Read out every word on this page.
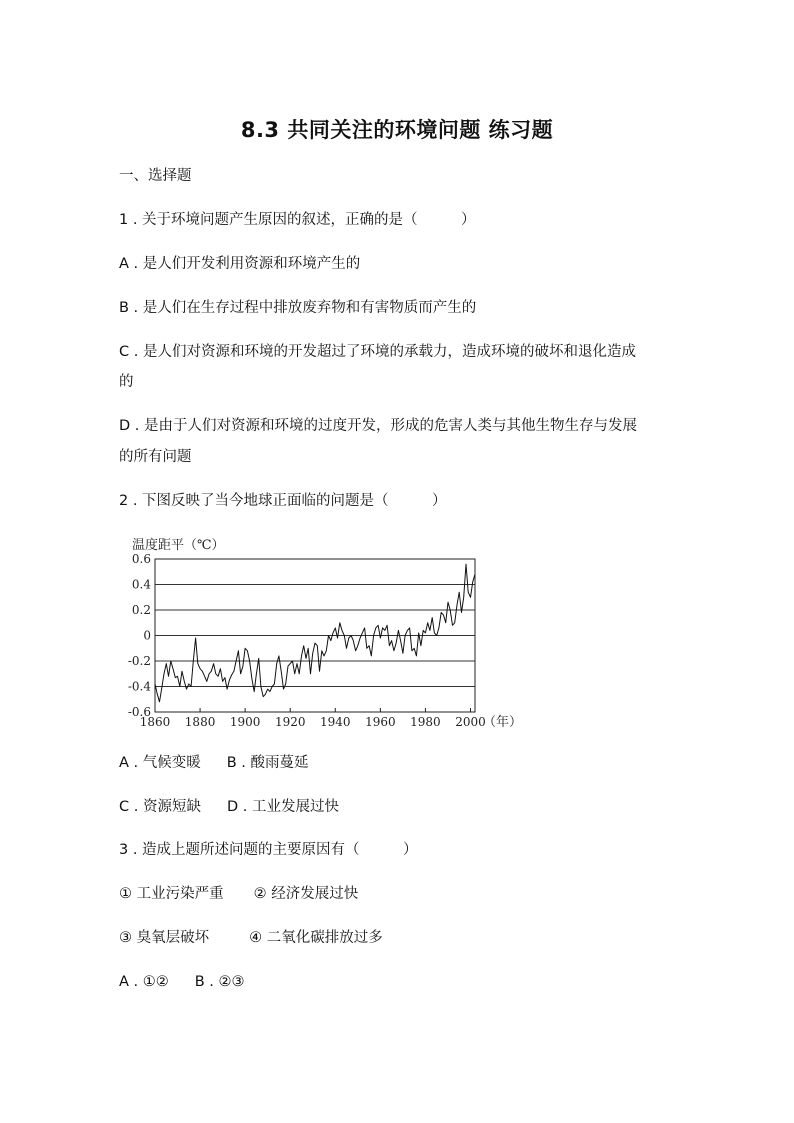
8.3 共同关注的环境问题 练习题
一、选择题
1 . 关于环境问题产生原因的叙述，正确的是（　　　）
A . 是人们开发利用资源和环境产生的
B . 是人们在生存过程中排放废弃物和有害物质而产生的
C . 是人们对资源和环境的开发超过了环境的承载力，造成环境的破坏和退化造成
的
D . 是由于人们对资源和环境的过度开发，形成的危害人类与其他生物生存与发展
的所有问题
2 . 下图反映了当今地球正面临的问题是（　　　）
温度距平（℃）
0.6
0.4
0.2
0
-0.2
-0.4
-0.6
1860 1880 1900 1920 1940 1960 1980 2000
（年）
A . 气候变暖 B . 酸雨蔓延
C . 资源短缺 D . 工业发展过快
3 . 造成上题所述问题的主要原因有（　　　）
① 工业污染严重 ② 经济发展过快
③ 臭氧层破坏	④ 二氧化碳排放过多
A . ①② B . ②③
